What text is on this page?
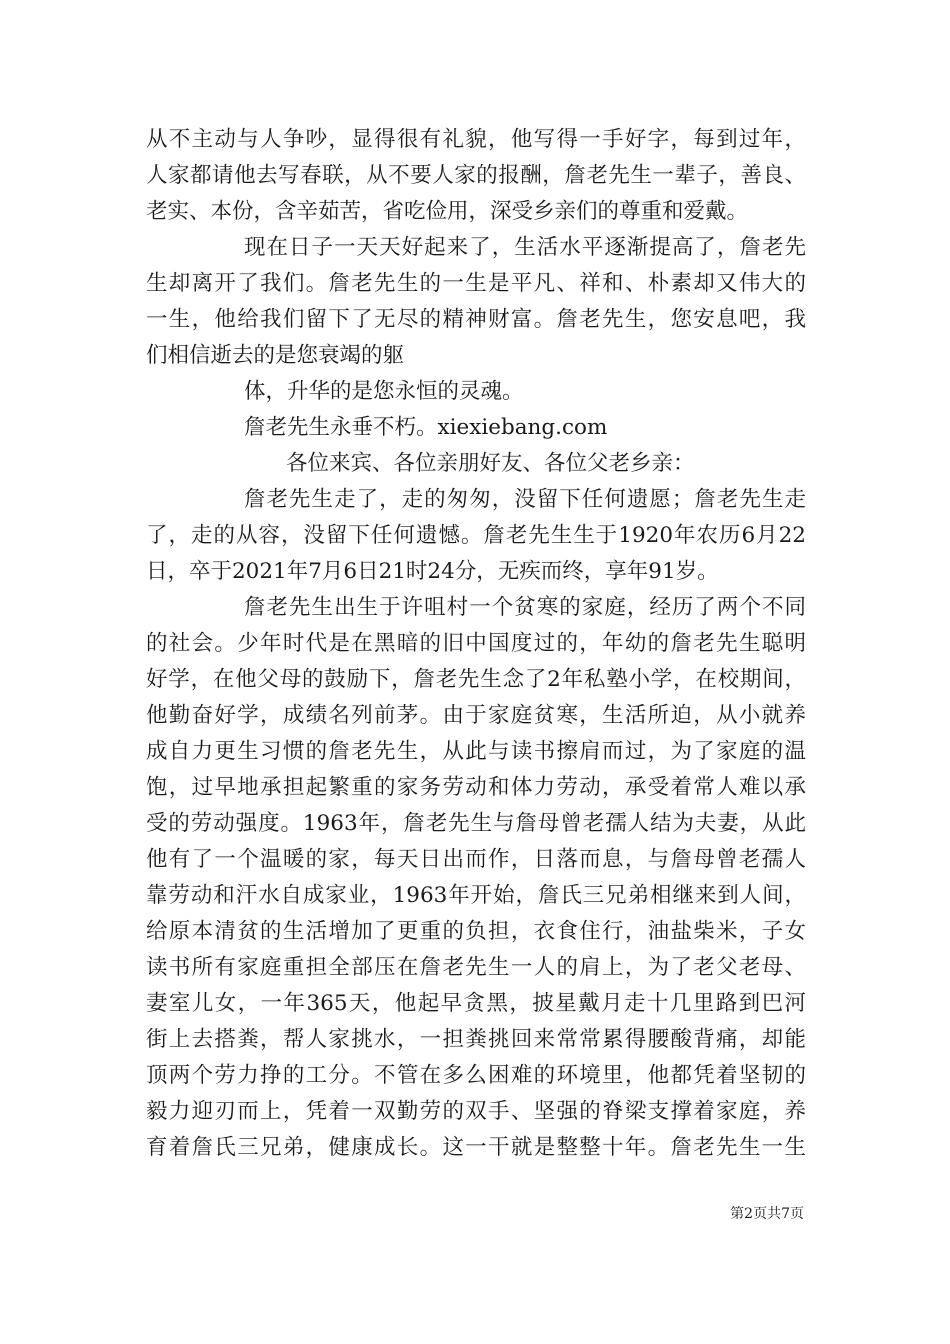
从不主动与人争吵，显得很有礼貌，他写得一手好字，每到过年，
人家都请他去写春联，从不要人家的报酬，詹老先生一辈子，善良、
老实、本份，含辛茹苦，省吃俭用，深受乡亲们的尊重和爱戴。
现在日子一天天好起来了，生活水平逐渐提高了，詹老先
生却离开了我们。詹老先生的一生是平凡、祥和、朴素却又伟大的
一生，他给我们留下了无尽的精神财富。詹老先生，您安息吧，我
们相信逝去的是您衰竭的躯
体，升华的是您永恒的灵魂。
詹老先生永垂不朽。xiexiebang.com
各位来宾、各位亲朋好友、各位父老乡亲：
詹老先生走了，走的匆匆，没留下任何遗愿；詹老先生走
了，走的从容，没留下任何遗憾。詹老先生生于1920年农历6月22
日，卒于2021年7月6日21时24分，无疾而终，享年91岁。
詹老先生出生于许咀村一个贫寒的家庭，经历了两个不同
的社会。少年时代是在黑暗的旧中国度过的，年幼的詹老先生聪明
好学，在他父母的鼓励下，詹老先生念了2年私塾小学，在校期间，
他勤奋好学，成绩名列前茅。由于家庭贫寒，生活所迫，从小就养
成自力更生习惯的詹老先生，从此与读书擦肩而过，为了家庭的温
饱，过早地承担起繁重的家务劳动和体力劳动，承受着常人难以承
受的劳动强度。1963年，詹老先生与詹母曾老孺人结为夫妻，从此
他有了一个温暖的家，每天日出而作，日落而息，与詹母曾老孺人
靠劳动和汗水自成家业，1963年开始，詹氏三兄弟相继来到人间，
给原本清贫的生活增加了更重的负担，衣食住行，油盐柴米，子女
读书所有家庭重担全部压在詹老先生一人的肩上，为了老父老母、
妻室儿女，一年365天，他起早贪黑，披星戴月走十几里路到巴河
街上去搭粪，帮人家挑水，一担粪挑回来常常累得腰酸背痛，却能
顶两个劳力挣的工分。不管在多么困难的环境里，他都凭着坚韧的
毅力迎刃而上，凭着一双勤劳的双手、坚强的脊梁支撑着家庭，养
育着詹氏三兄弟，健康成长。这一干就是整整十年。詹老先生一生
第2页共7页
